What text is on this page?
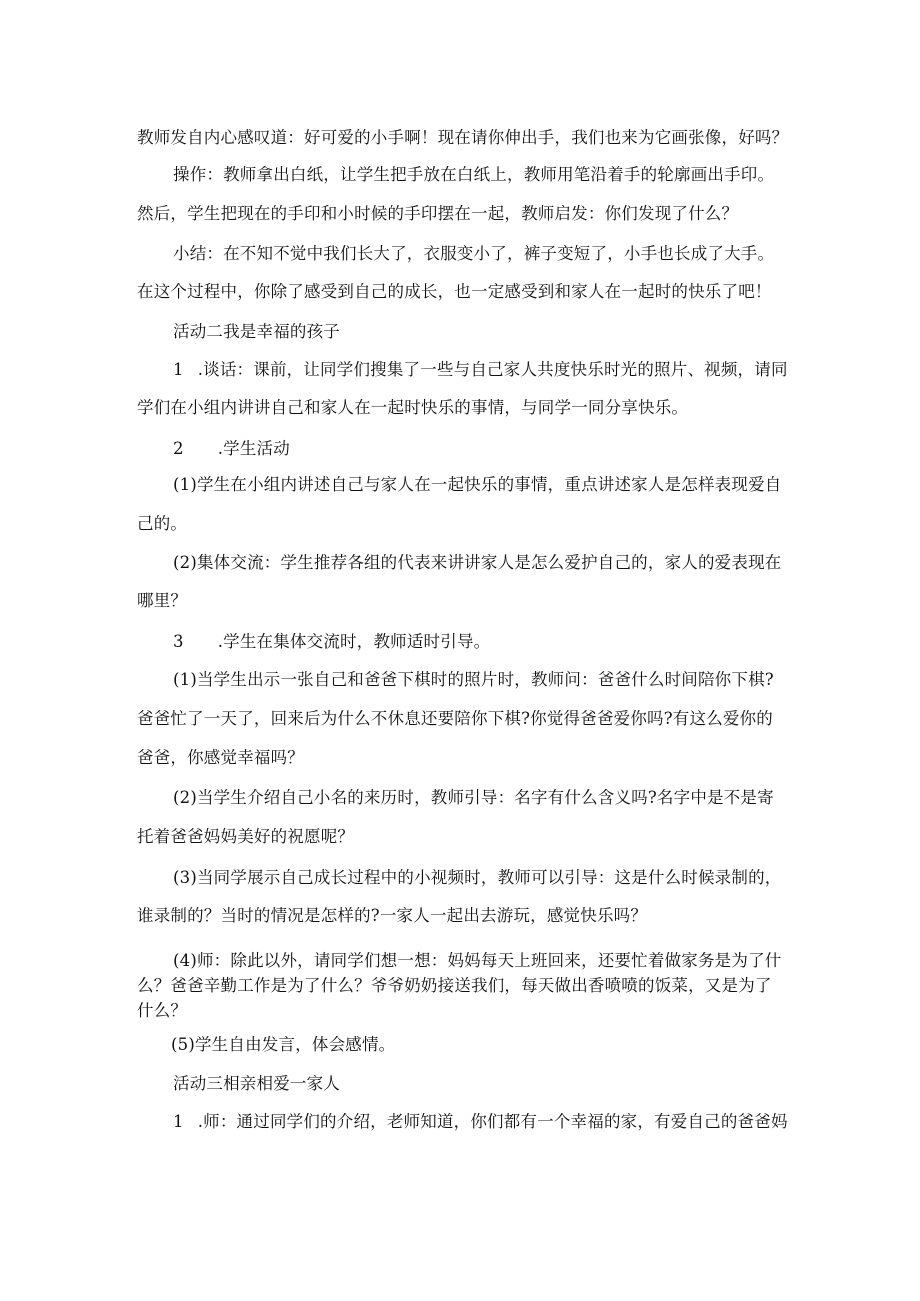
教师发自内心感叹道：好可爱的小手啊！现在请你伸出手，我们也来为它画张像，好吗？
操作：教师拿出白纸，让学生把手放在白纸上，教师用笔沿着手的轮廓画出手印。
然后，学生把现在的手印和小时候的手印摆在一起，教师启发：你们发现了什么？
小结：在不知不觉中我们长大了，衣服变小了，裤子变短了，小手也长成了大手。
在这个过程中，你除了感受到自己的成长，也一定感受到和家人在一起时的快乐了吧！
活动二我是幸福的孩子
1 .谈话：课前，让同学们搜集了一些与自己家人共度快乐时光的照片、视频，请同
学们在小组内讲讲自己和家人在一起时快乐的事情，与同学一同分享快乐。
2 .学生活动
(1)学生在小组内讲述自己与家人在一起快乐的事情，重点讲述家人是怎样表现爱自
己的。
(2)集体交流：学生推荐各组的代表来讲讲家人是怎么爱护自己的，家人的爱表现在
哪里？
3 .学生在集体交流时，教师适时引导。
(1)当学生出示一张自己和爸爸下棋时的照片时，教师问：爸爸什么时间陪你下棋?
爸爸忙了一天了，回来后为什么不休息还要陪你下棋?你觉得爸爸爱你吗?有这么爱你的
爸爸，你感觉幸福吗？
(2)当学生介绍自己小名的来历时，教师引导：名字有什么含义吗?名字中是不是寄
托着爸爸妈妈美好的祝愿呢？
(3)当同学展示自己成长过程中的小视频时，教师可以引导：这是什么时候录制的，
谁录制的？当时的情况是怎样的?一家人一起出去游玩，感觉快乐吗？
(4)师：除此以外，请同学们想一想：妈妈每天上班回来，还要忙着做家务是为了什
么？爸爸辛勤工作是为了什么？爷爷奶奶接送我们，每天做出香喷喷的饭菜，又是为了
什么？
(5)学生自由发言，体会感情。
活动三相亲相爱一家人
1 .师：通过同学们的介绍，老师知道，你们都有一个幸福的家，有爱自己的爸爸妈
